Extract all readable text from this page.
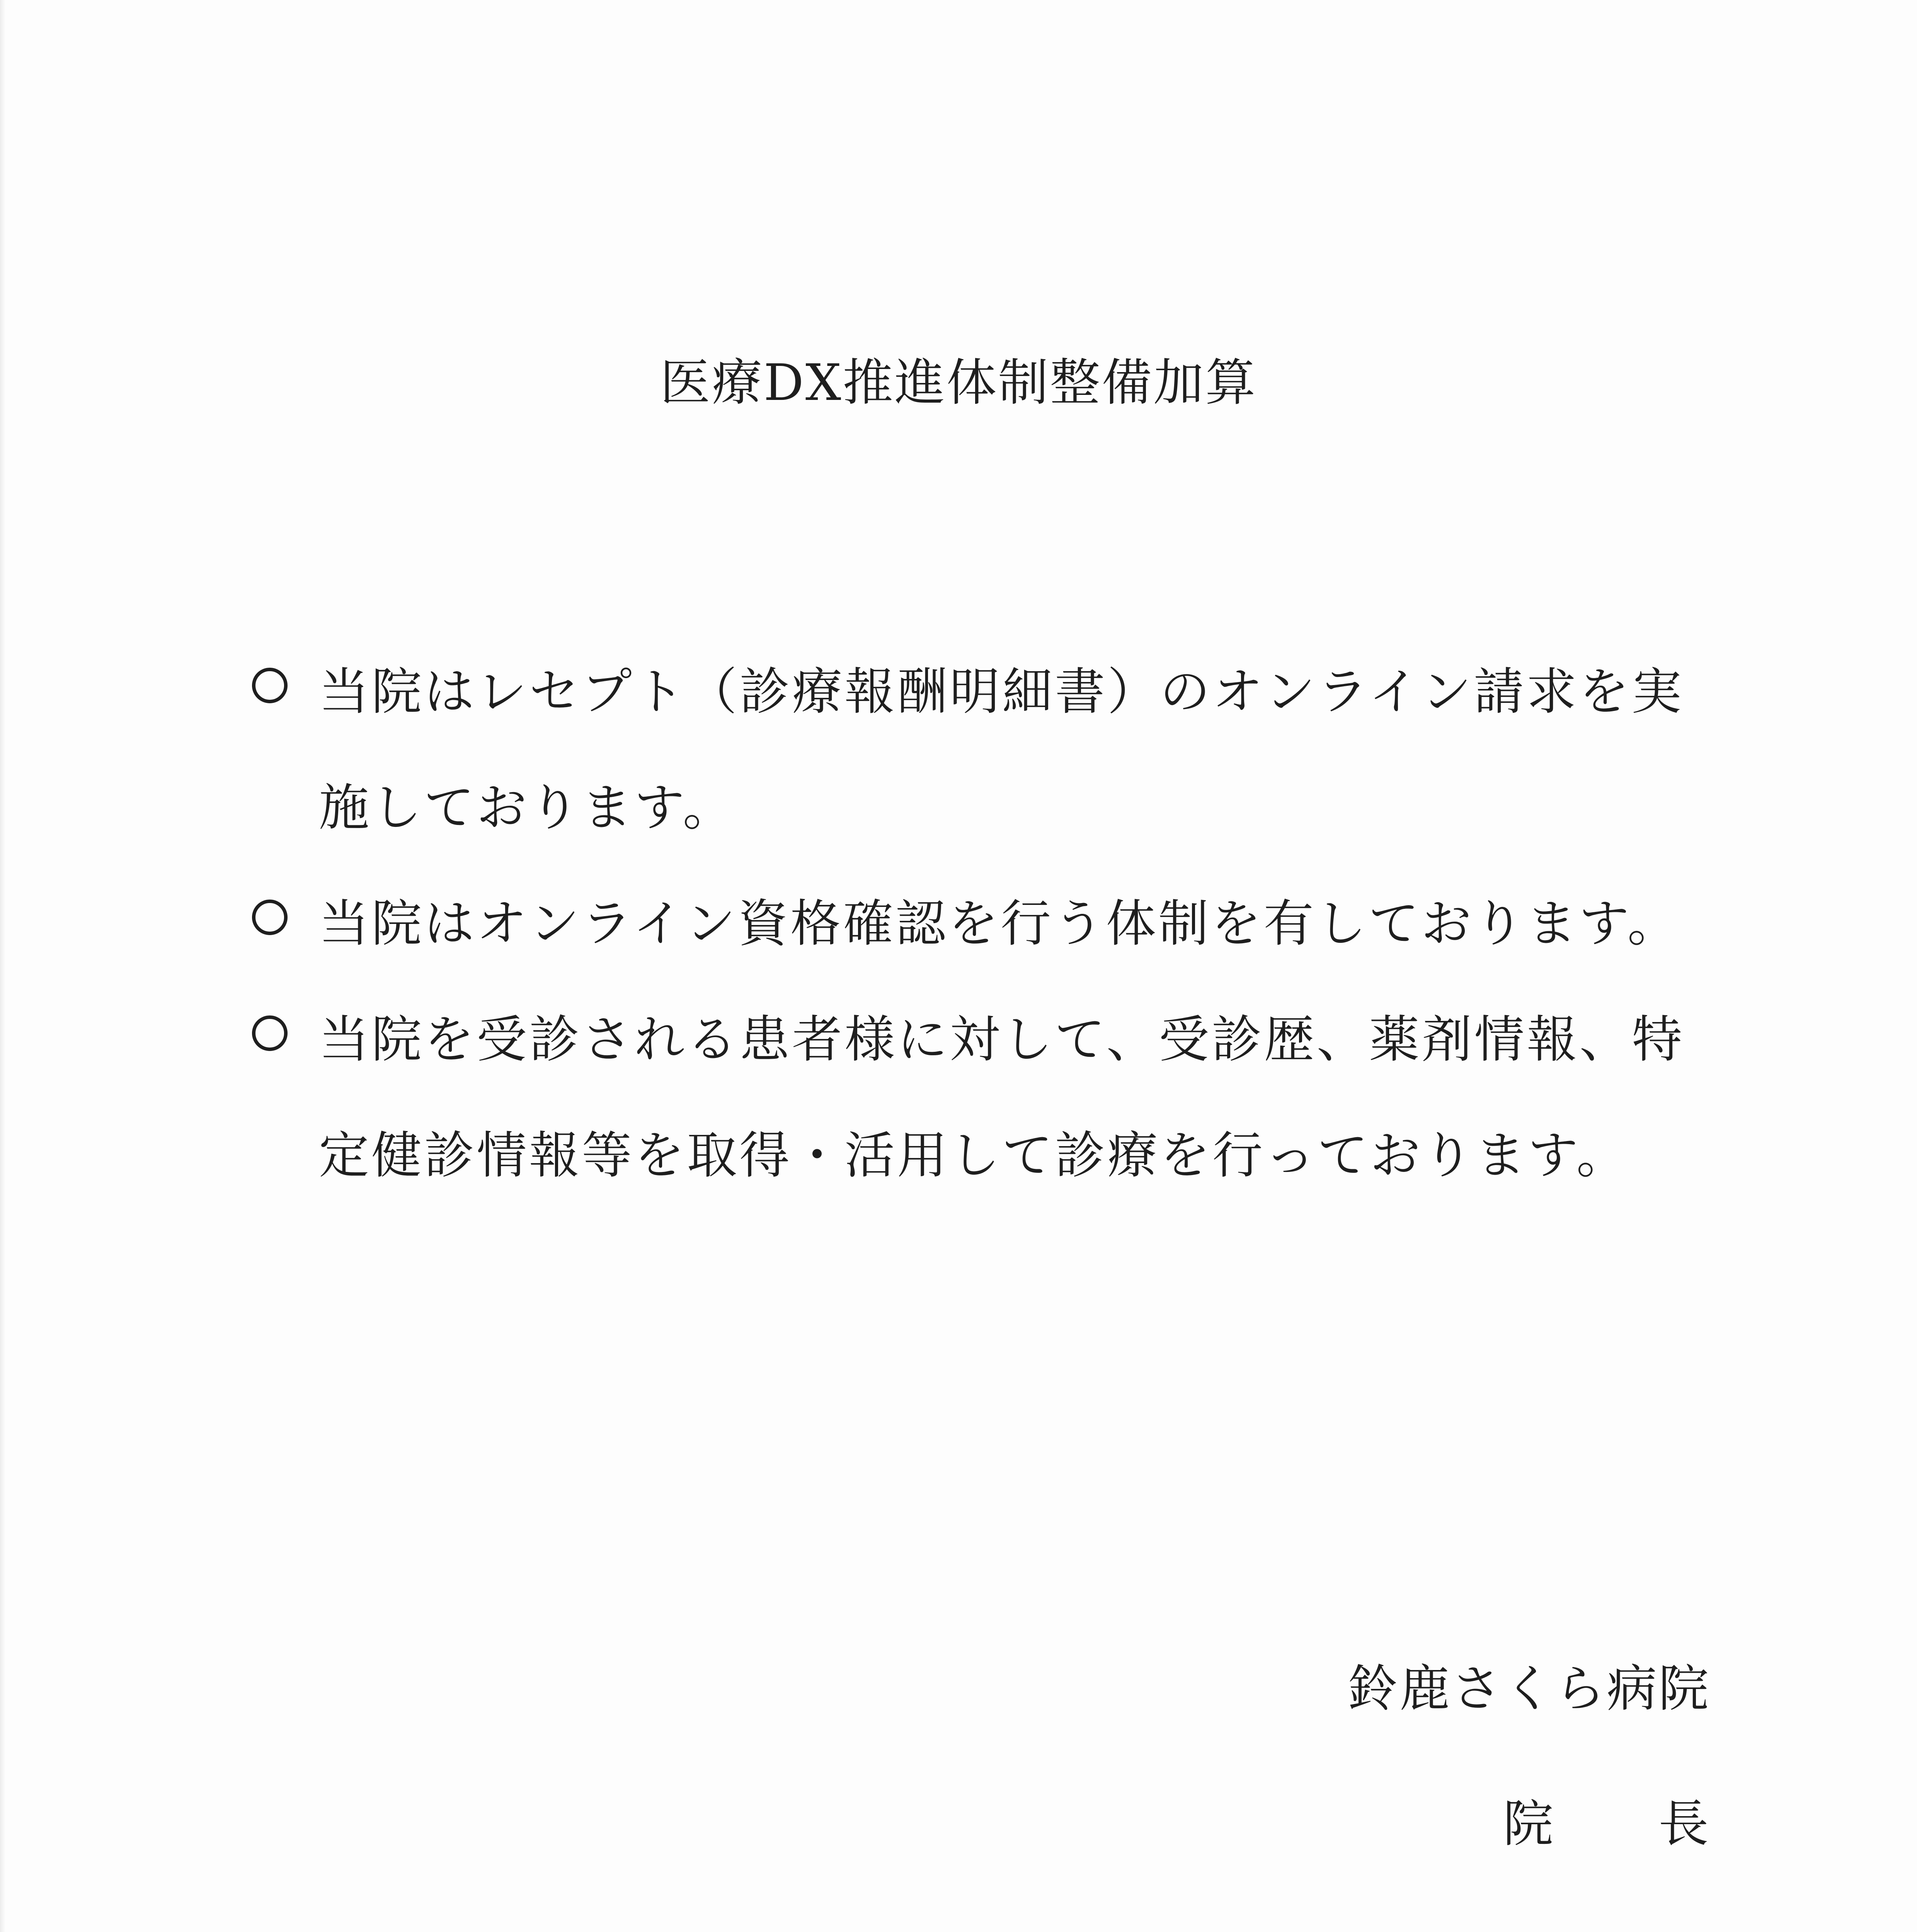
医療DX推進体制整備加算
当院はレセプト（診療報酬明細書）のオンライン請求を実施しております。
当院はオンライン資格確認を行う体制を有しております。
当院を受診される患者様に対して、受診歴、薬剤情報、特定健診情報等を取得・活用して診療を行っております。
鈴鹿さくら病院
院　　長
